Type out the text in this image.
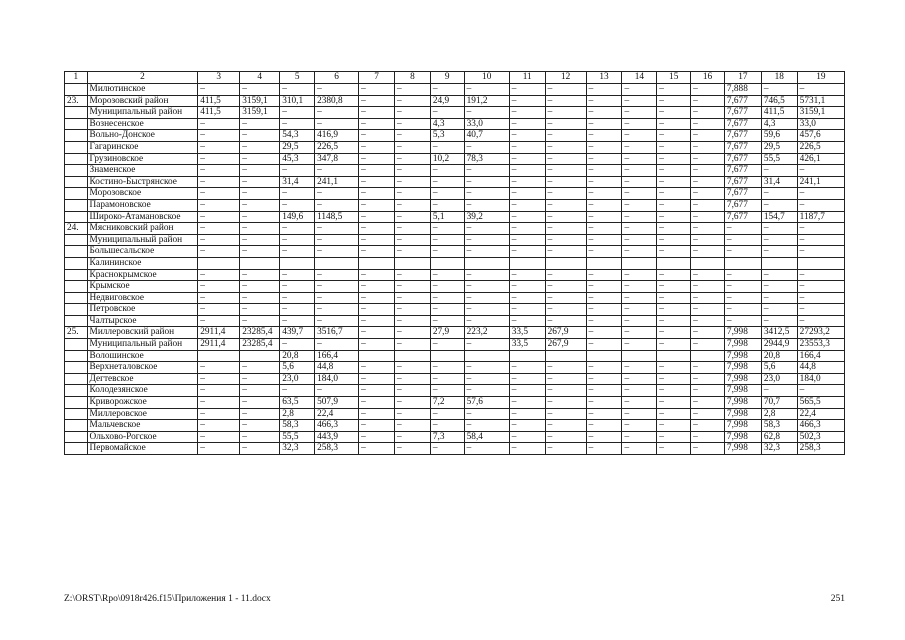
1	2	3	4	5	6	7	8	9	10	11	12	13	14	15	16	17	18	19
	Милютинское	–	–	–	–	–	–	–	–	–	–	–	–	–	–	7,888	–	–
23.	Морозовский район	411,5	3159,1	310,1	2380,8	–	–	24,9	191,2	–	–	–	–	–	–	7,677	746,5	5731,1
	Муниципальный район	411,5	3159,1	–	–	–	–	–	–	–	–	–	–	–	–	7,677	411,5	3159,1
	Вознесенское	–	–	–	–	–	–	4,3	33,0	–	–	–	–	–	–	7,677	4,3	33,0
	Вольно-Донское	–	–	54,3	416,9	–	–	5,3	40,7	–	–	–	–	–	–	7,677	59,6	457,6
	Гагаринское	–	–	29,5	226,5	–	–	–	–	–	–	–	–	–	–	7,677	29,5	226,5
	Грузиновское	–	–	45,3	347,8	–	–	10,2	78,3	–	–	–	–	–	–	7,677	55,5	426,1
	Знаменское	–	–	–	–	–	–	–	–	–	–	–	–	–	–	7,677	–	–
	Костино-Быстрянское	–	–	31,4	241,1	–	–	–	–	–	–	–	–	–	–	7,677	31,4	241,1
	Морозовское	–	–	–	–	–	–	–	–	–	–	–	–	–	–	7,677	–	–
	Парамоновское	–	–	–	–	–	–	–	–	–	–	–	–	–	–	7,677	–	–
	Широко-Атамановское	–	–	149,6	1148,5	–	–	5,1	39,2	–	–	–	–	–	–	7,677	154,7	1187,7
24.	Мясниковский район	–	–	–	–	–	–	–	–	–	–	–	–	–	–	–	–	–
	Муниципальный район	–	–	–	–	–	–	–	–	–	–	–	–	–	–	–	–	–
	Большесальское	–	–	–	–	–	–	–	–	–	–	–	–	–	–	–	–	–
	Калининское																	
	Краснокрымское	–	–	–	–	–	–	–	–	–	–	–	–	–	–	–	–	–
	Крымское	–	–	–	–	–	–	–	–	–	–	–	–	–	–	–	–	–
	Недвиговское	–	–	–	–	–	–	–	–	–	–	–	–	–	–	–	–	–
	Петровское	–	–	–	–	–	–	–	–	–	–	–	–	–	–	–	–	–
	Чалтырское	–	–	–	–	–	–	–	–	–	–	–	–	–	–	–	–	–
25.	Миллеровский район	2911,4	23285,4	439,7	3516,7	–	–	27,9	223,2	33,5	267,9	–	–	–	–	7,998	3412,5	27293,2
	Муниципальный район	2911,4	23285,4	–	–	–	–	–	–	33,5	267,9	–	–	–	–	7,998	2944,9	23553,3
	Волошинское			20,8	166,4											7,998	20,8	166,4
	Верхнеталовское	–	–	5,6	44,8	–	–	–	–	–	–	–	–	–	–	7,998	5,6	44,8
	Дегтевское	–	–	23,0	184,0	–	–	–	–	–	–	–	–	–	–	7,998	23,0	184,0
	Колодезянское	–	–	–	–	–	–	–	–	–	–	–	–	–	–	7,998	–	–
	Криворожское	–	–	63,5	507,9	–	–	7,2	57,6	–	–	–	–	–	–	7,998	70,7	565,5
	Миллеровское	–	–	2,8	22,4	–	–	–	–	–	–	–	–	–	–	7,998	2,8	22,4
	Мальчевское	–	–	58,3	466,3	–	–	–	–	–	–	–	–	–	–	7,998	58,3	466,3
	Ольхово-Рогское	–	–	55,5	443,9	–	–	7,3	58,4	–	–	–	–	–	–	7,998	62,8	502,3
	Первомайское	–	–	32,3	258,3	–	–	–	–	–	–	–	–	–	–	7,998	32,3	258,3
Z:\ORST\Rpo\0918r426.f15\Приложения 1 - 11.docx	251
